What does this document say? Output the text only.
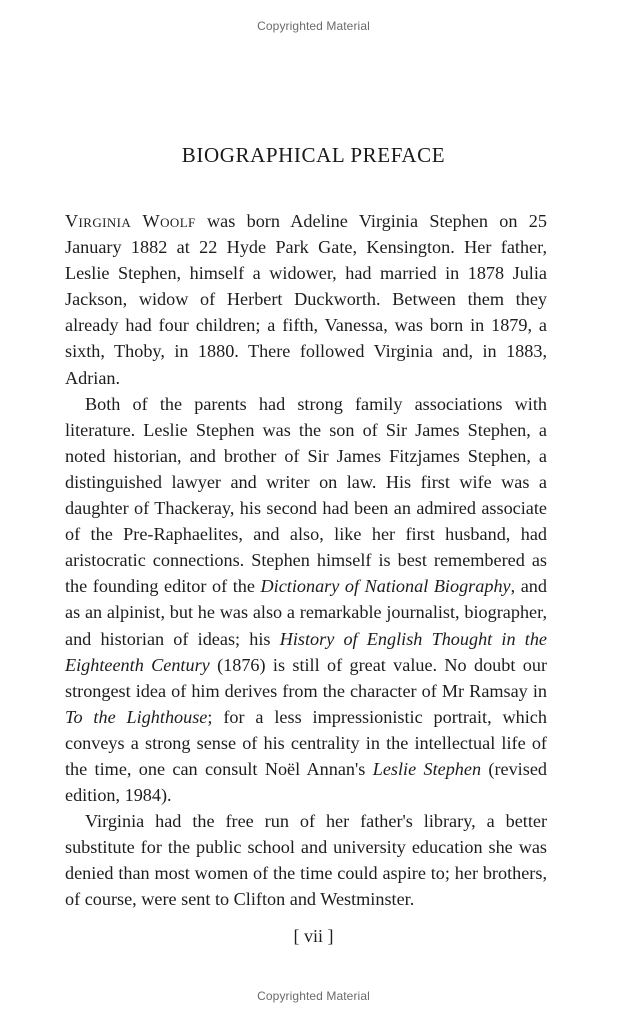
Copyrighted Material
BIOGRAPHICAL PREFACE

Virginia Woolf was born Adeline Virginia Stephen on 25 January 1882 at 22 Hyde Park Gate, Kensington. Her father, Leslie Stephen, himself a widower, had married in 1878 Julia Jackson, widow of Herbert Duckworth. Between them they already had four children; a fifth, Vanessa, was born in 1879, a sixth, Thoby, in 1880. There followed Virginia and, in 1883, Adrian.

Both of the parents had strong family associations with literature. Leslie Stephen was the son of Sir James Stephen, a noted historian, and brother of Sir James Fitzjames Stephen, a distinguished lawyer and writer on law. His first wife was a daughter of Thackeray, his second had been an admired associate of the Pre-Raphaelites, and also, like her first husband, had aristocratic connections. Stephen himself is best remembered as the founding editor of the Dictionary of National Biography, and as an alpinist, but he was also a remarkable journalist, biographer, and historian of ideas; his History of English Thought in the Eighteenth Century (1876) is still of great value. No doubt our strongest idea of him derives from the character of Mr Ramsay in To the Lighthouse; for a less impressionistic portrait, which conveys a strong sense of his centrality in the intellectual life of the time, one can consult Noël Annan's Leslie Stephen (revised edition, 1984).

Virginia had the free run of her father's library, a better substitute for the public school and university education she was denied than most women of the time could aspire to; her brothers, of course, were sent to Clifton and Westminster.

[ vii ]
Copyrighted Material
